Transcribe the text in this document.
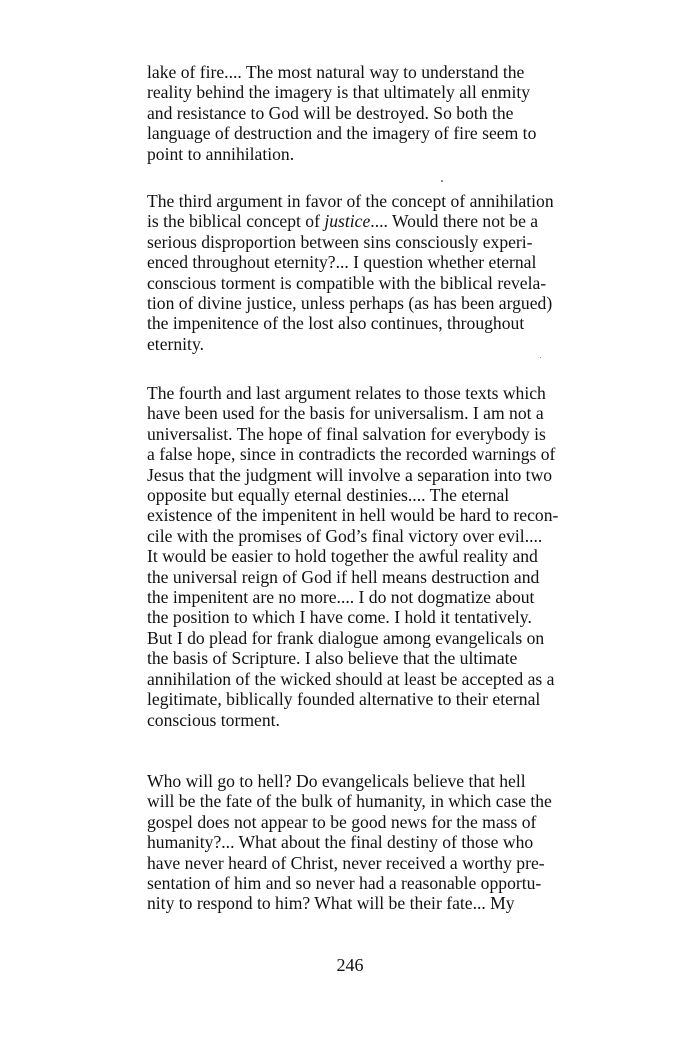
lake of fire.... The most natural way to understand the
reality behind the imagery is that ultimately all enmity
and resistance to God will be destroyed. So both the
language of destruction and the imagery of fire seem to
point to annihilation.
The third argument in favor of the concept of annihilation
is the biblical concept of justice.... Would there not be a
serious disproportion between sins consciously experi-
enced throughout eternity?... I question whether eternal
conscious torment is compatible with the biblical revela-
tion of divine justice, unless perhaps (as has been argued)
the impenitence of the lost also continues, throughout
eternity.
The fourth and last argument relates to those texts which
have been used for the basis for universalism. I am not a
universalist. The hope of final salvation for everybody is
a false hope, since in contradicts the recorded warnings of
Jesus that the judgment will involve a separation into two
opposite but equally eternal destinies.... The eternal
existence of the impenitent in hell would be hard to recon-
cile with the promises of God’s final victory over evil....
It would be easier to hold together the awful reality and
the universal reign of God if hell means destruction and
the impenitent are no more.... I do not dogmatize about
the position to which I have come. I hold it tentatively.
But I do plead for frank dialogue among evangelicals on
the basis of Scripture. I also believe that the ultimate
annihilation of the wicked should at least be accepted as a
legitimate, biblically founded alternative to their eternal
conscious torment.
Who will go to hell? Do evangelicals believe that hell
will be the fate of the bulk of humanity, in which case the
gospel does not appear to be good news for the mass of
humanity?... What about the final destiny of those who
have never heard of Christ, never received a worthy pre-
sentation of him and so never had a reasonable opportu-
nity to respond to him? What will be their fate... My
246
